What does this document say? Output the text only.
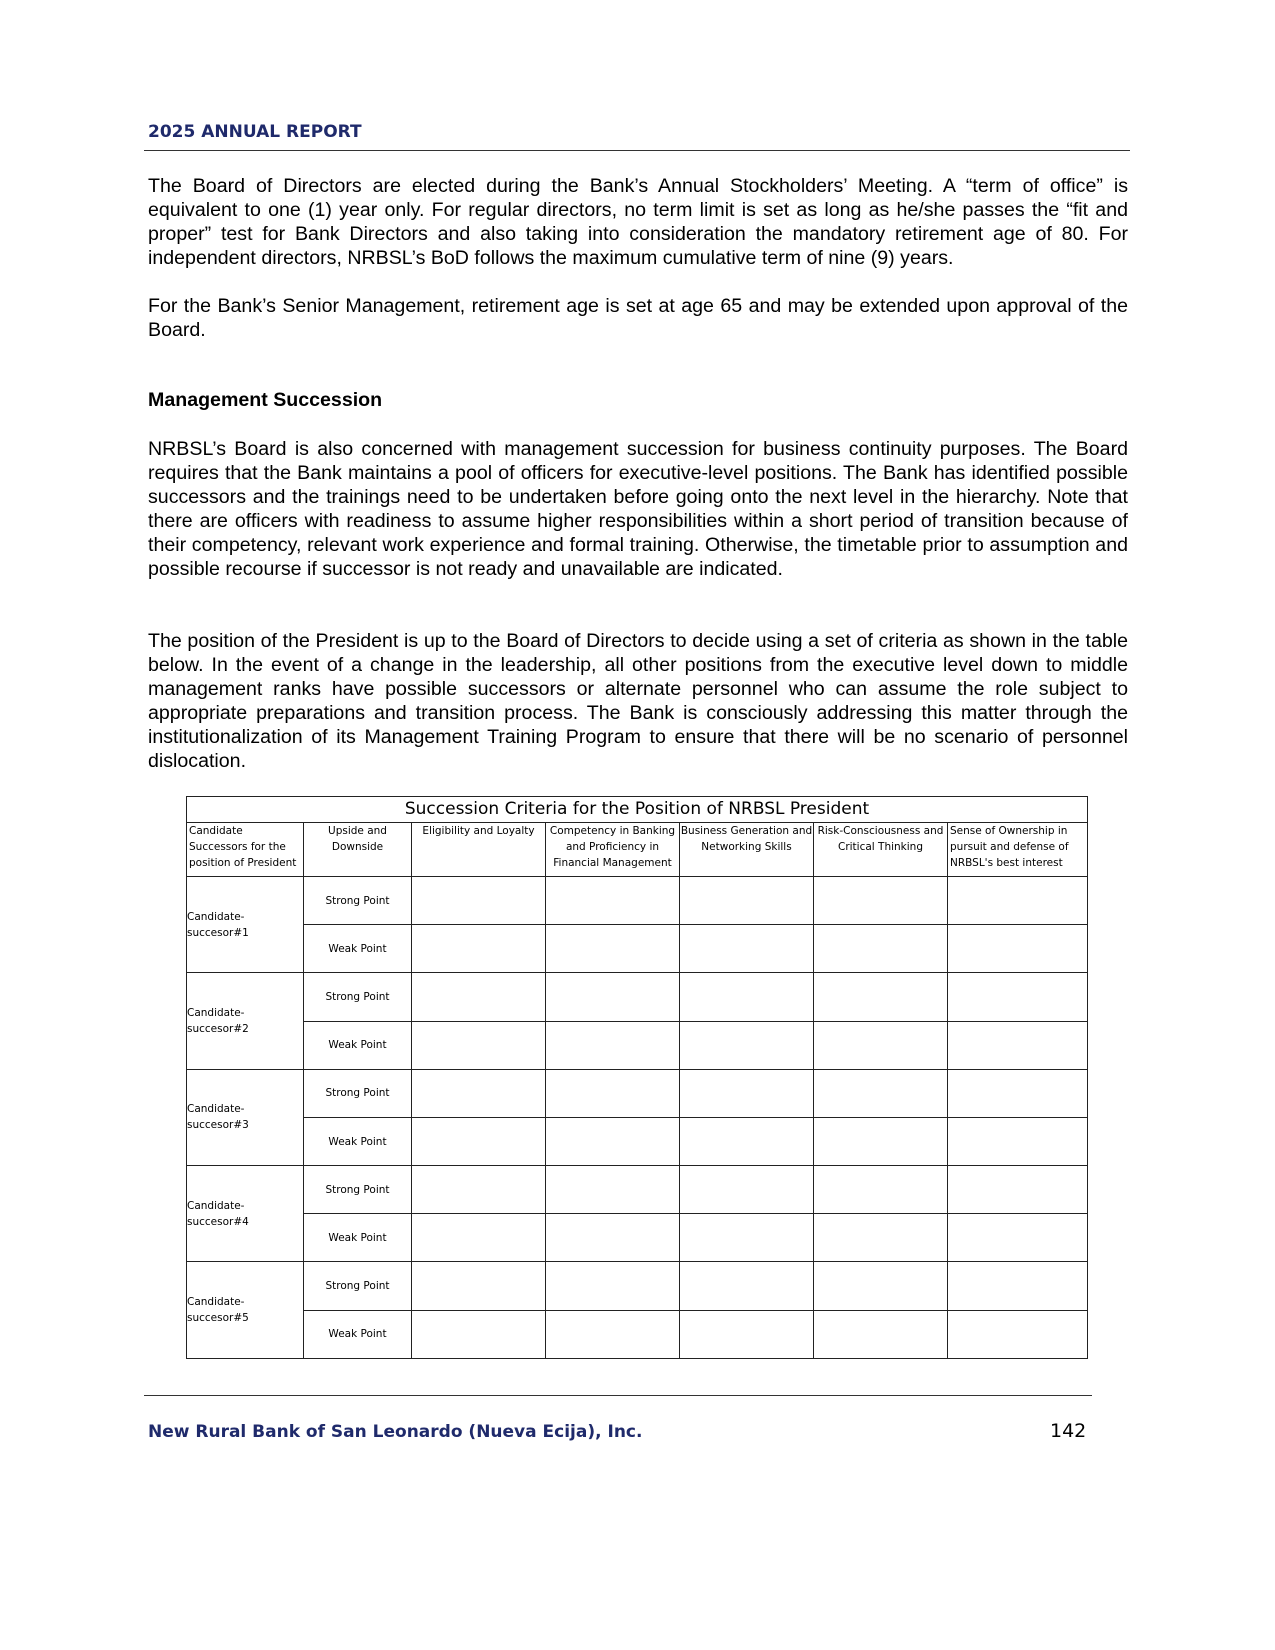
2025 ANNUAL REPORT

The Board of Directors are elected during the Bank’s Annual Stockholders’ Meeting. A “term of office” is equivalent to one (1) year only. For regular directors, no term limit is set as long as he/she passes the “fit and proper” test for Bank Directors and also taking into consideration the mandatory retirement age of 80. For independent directors, NRBSL’s BoD follows the maximum cumulative term of nine (9) years.

For the Bank’s Senior Management, retirement age is set at age 65 and may be extended upon approval of the Board.

Management Succession

NRBSL’s Board is also concerned with management succession for business continuity purposes. The Board requires that the Bank maintains a pool of officers for executive-level positions. The Bank has identified possible successors and the trainings need to be undertaken before going onto the next level in the hierarchy. Note that there are officers with readiness to assume higher responsibilities within a short period of transition because of their competency, relevant work experience and formal training. Otherwise, the timetable prior to assumption and possible recourse if successor is not ready and unavailable are indicated.

The position of the President is up to the Board of Directors to decide using a set of criteria as shown in the table below. In the event of a change in the leadership, all other positions from the executive level down to middle management ranks have possible successors or alternate personnel who can assume the role subject to appropriate preparations and transition process. The Bank is consciously addressing this matter through the institutionalization of its Management Training Program to ensure that there will be no scenario of personnel dislocation.

Succession Criteria for the Position of NRBSL President						
Candidate Successors for the position of President	Upside and Downside	Eligibility and Loyalty	Competency in Banking and Proficiency in Financial Management	Business Generation and Networking Skills	Risk-Consciousness and Critical Thinking	Sense of Ownership in pursuit and defense of NRBSL's best interest
Candidate-succesor#1	Strong Point					
	Weak Point					
Candidate-succesor#2	Strong Point					
	Weak Point					
Candidate-succesor#3	Strong Point					
	Weak Point					
Candidate-succesor#4	Strong Point					
	Weak Point					
Candidate-succesor#5	Strong Point					
	Weak Point					
New Rural Bank of San Leonardo (Nueva Ecija), Inc.	142
